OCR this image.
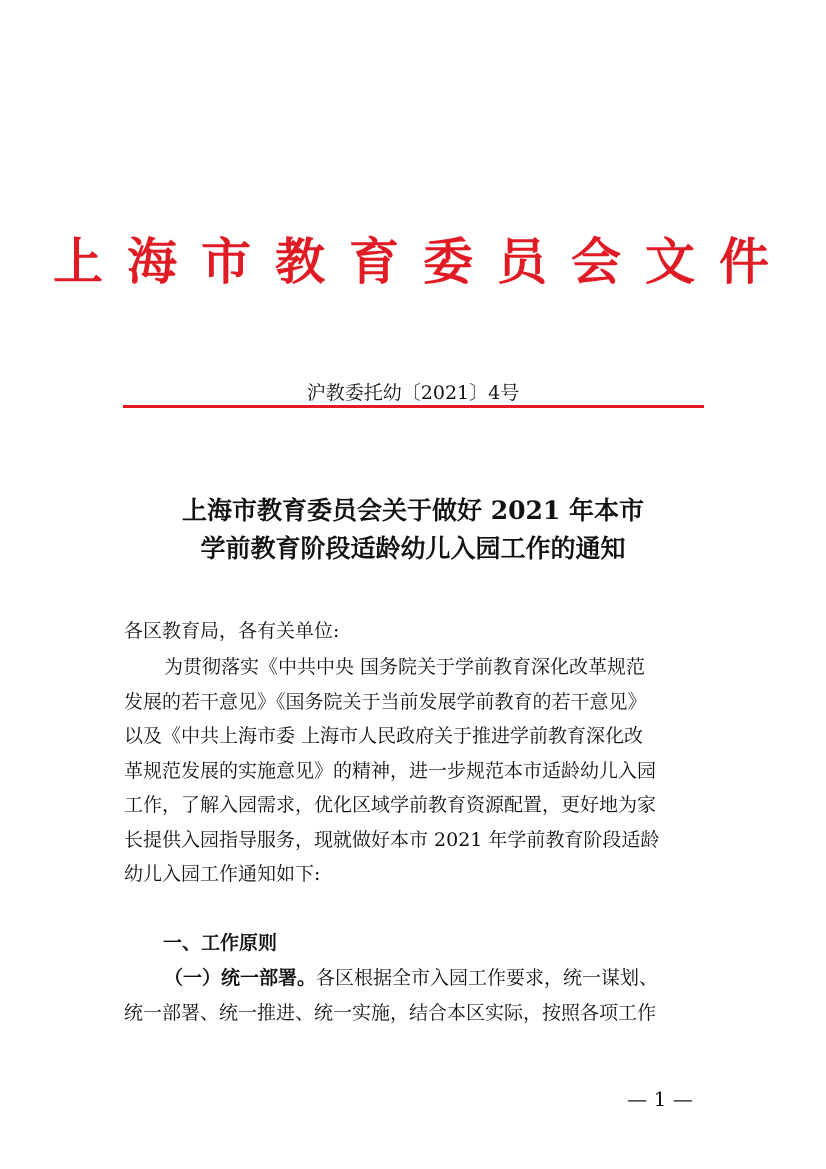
上海市教育委员会文件
沪教委托幼〔2021〕4号
上海市教育委员会关于做好 2021 年本市
学前教育阶段适龄幼儿入园工作的通知
各区教育局，各有关单位:
为贯彻落实《中共中央 国务院关于学前教育深化改革规范
发展的若干意见》《国务院关于当前发展学前教育的若干意见》
以及《中共上海市委 上海市人民政府关于推进学前教育深化改
革规范发展的实施意见》的精神，进一步规范本市适龄幼儿入园
工作，了解入园需求，优化区域学前教育资源配置，更好地为家
长提供入园指导服务，现就做好本市 2021 年学前教育阶段适龄
幼儿入园工作通知如下:
一、工作原则
（一）统一部署。各区根据全市入园工作要求，统一谋划、
统一部署、统一推进、统一实施，结合本区实际，按照各项工作
— 1 —
